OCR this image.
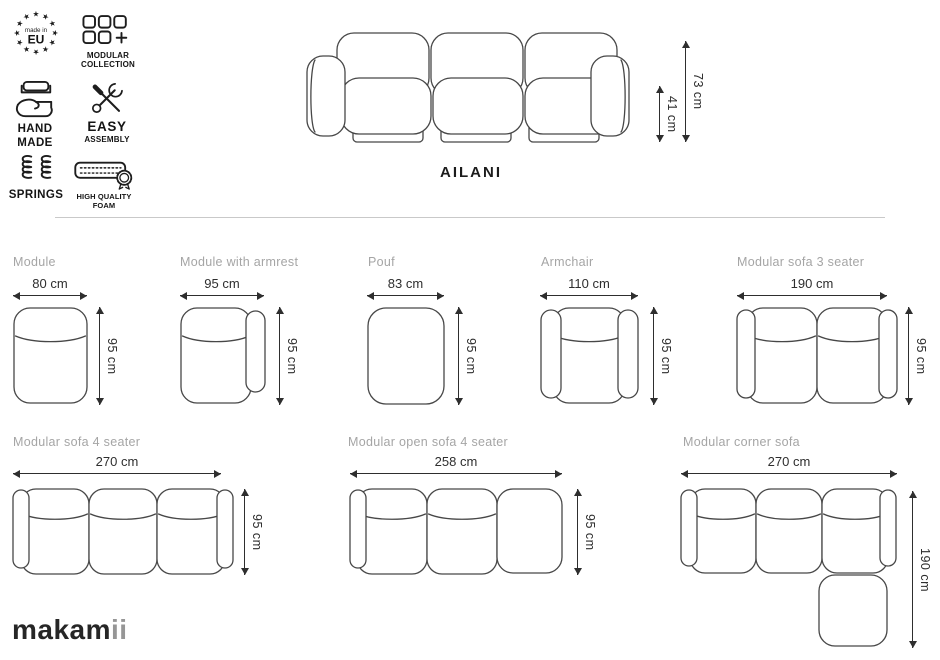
★ ★
★
★
★
★
★
★
★
★
★
★
made in
EU
MODULAR
COLLECTION
HAND
MADE
EASY
ASSEMBLY
SPRINGS HIGH QUALITY
FOAM
41 cm
73 cm
AILANI
Module
80 cm
95 cm
Module with armrest
95 cm
95 cm
Pouf
83 cm
95 cm
Armchair
110 cm
95 cm
Modular sofa 3 seater
190 cm
95 cm
Modular sofa 4 seater
270 cm
95 cm
Modular open sofa 4 seater
258 cm
95 cm
Modular corner sofa
270 cm
190 cm
makamii
